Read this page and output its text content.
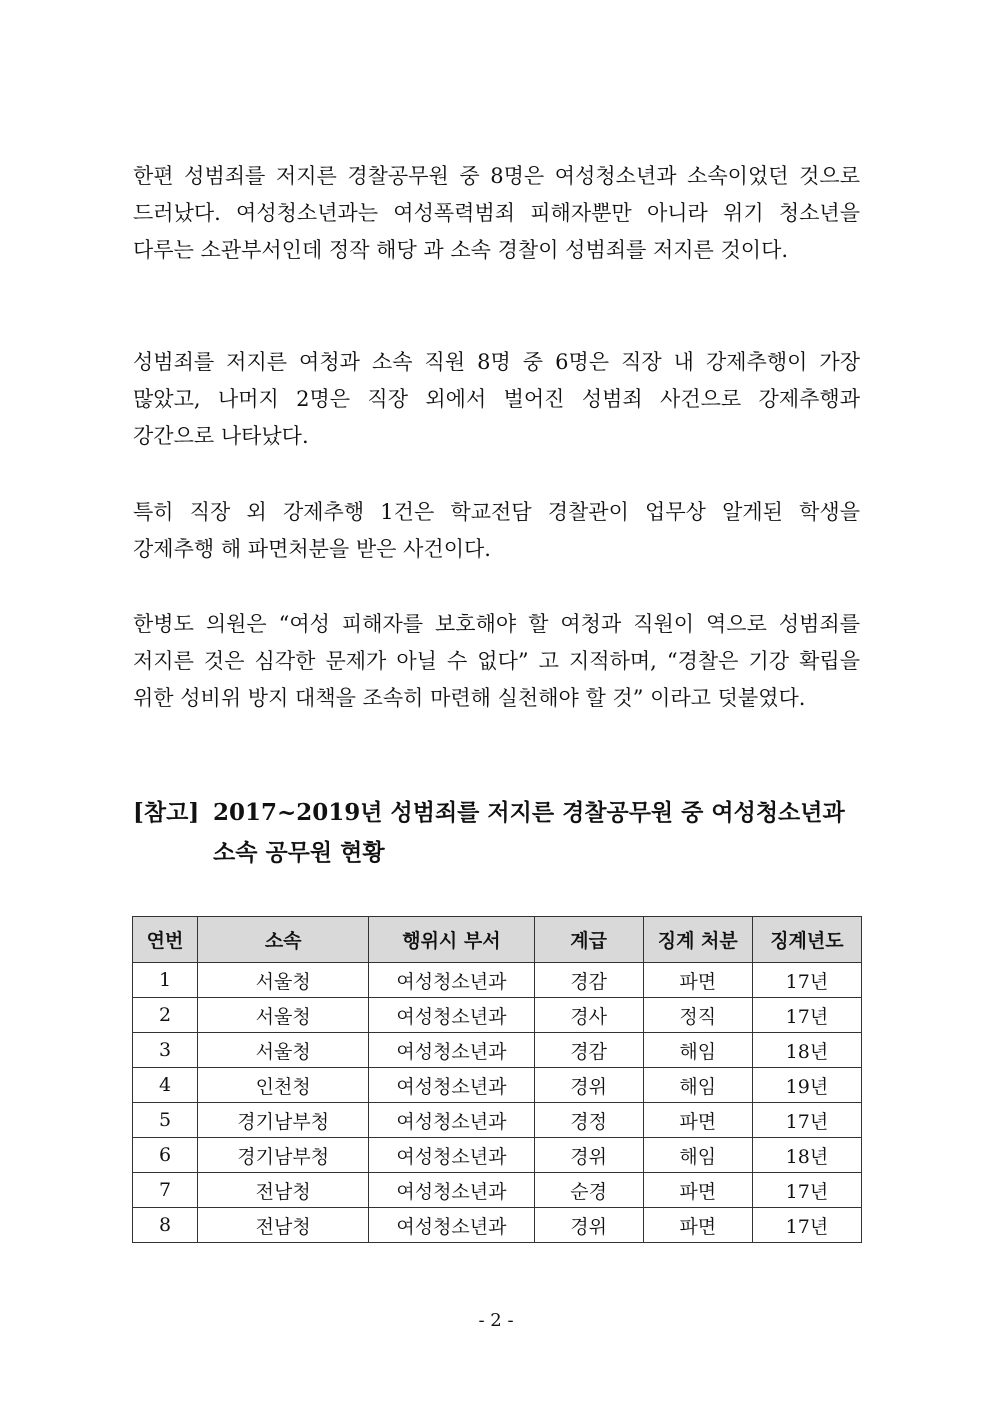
한편 성범죄를 저지른 경찰공무원 중 8명은 여성청소년과 소속이었던 것으로 드러났다. 여성청소년과는 여성폭력범죄 피해자뿐만 아니라 위기 청소년을 다루는 소관부서인데 정작 해당 과 소속 경찰이 성범죄를 저지른 것이다.

성범죄를 저지른 여청과 소속 직원 8명 중 6명은 직장 내 강제추행이 가장 많았고, 나머지 2명은 직장 외에서 벌어진 성범죄 사건으로 강제추행과 강간으로 나타났다.

특히 직장 외 강제추행 1건은 학교전담 경찰관이 업무상 알게된 학생을 강제추행 해 파면처분을 받은 사건이다.

한병도 의원은 “여성 피해자를 보호해야 할 여청과 직원이 역으로 성범죄를 저지른 것은 심각한 문제가 아닐 수 없다” 고 지적하며, “경찰은 기강 확립을 위한 성비위 방지 대책을 조속히 마련해 실천해야 할 것” 이라고 덧붙였다.

[참고] 2017~2019년 성범죄를 저지른 경찰공무원 중 여성청소년과
소속 공무원 현황
연번	소속	행위시 부서	계급	징계 처분	징계년도
1	서울청	여성청소년과	경감	파면	17년
2	서울청	여성청소년과	경사	정직	17년
3	서울청	여성청소년과	경감	해임	18년
4	인천청	여성청소년과	경위	해임	19년
5	경기남부청	여성청소년과	경정	파면	17년
6	경기남부청	여성청소년과	경위	해임	18년
7	전남청	여성청소년과	순경	파면	17년
8	전남청	여성청소년과	경위	파면	17년
- 2 -
